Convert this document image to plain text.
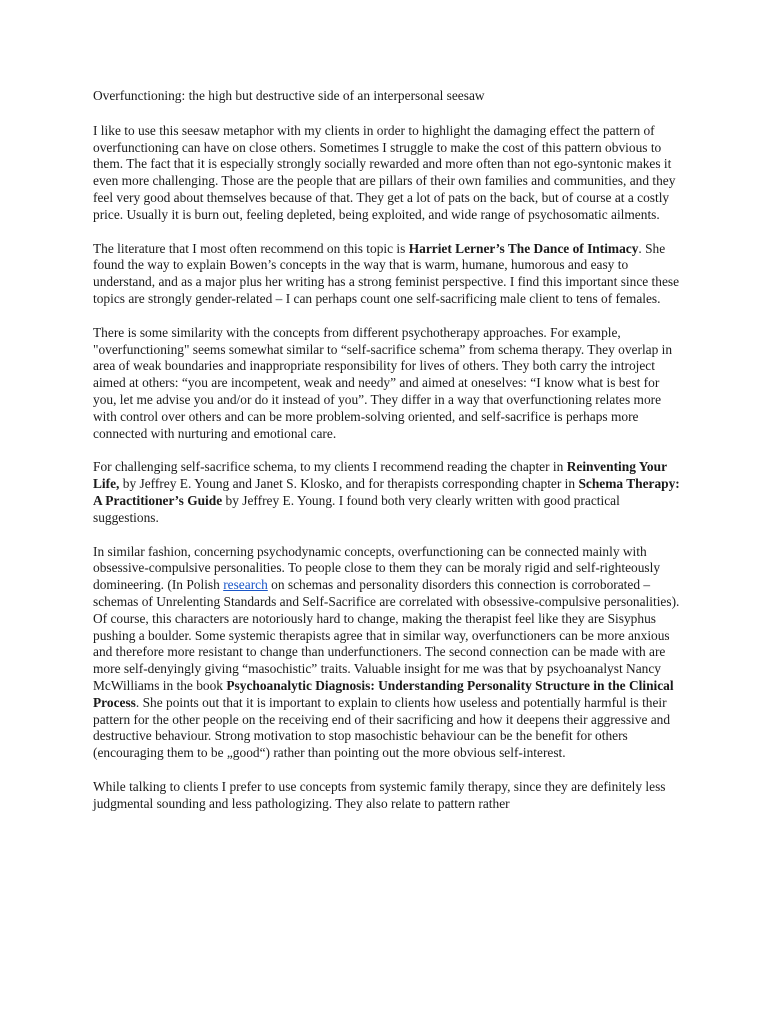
Overfunctioning: the high but destructive side of an interpersonal seesaw

I like to use this seesaw metaphor with my clients in order to highlight the damaging effect the pattern of overfunctioning can have on close others. Sometimes I struggle to make the cost of this pattern obvious to them. The fact that it is especially strongly socially rewarded and more often than not ego-syntonic makes it even more challenging. Those are the people that are pillars of their own families and communities, and they feel very good about themselves because of that. They get a lot of pats on the back, but of course at a costly price. Usually it is burn out, feeling depleted, being exploited, and wide range of psychosomatic ailments.

The literature that I most often recommend on this topic is Harriet Lerner’s The Dance of Intimacy. She found the way to explain Bowen’s concepts in the way that is warm, humane, humorous and easy to understand, and as a major plus her writing has a strong feminist perspective. I find this important since these topics are strongly gender-related – I can perhaps count one self-sacrificing male client to tens of females.

There is some similarity with the concepts from different psychotherapy approaches. For example, "overfunctioning" seems somewhat similar to “self-sacrifice schema” from schema therapy. They overlap in area of weak boundaries and inappropriate responsibility for lives of others. They both carry the introject aimed at others: “you are incompetent, weak and needy” and aimed at oneselves: “I know what is best for you, let me advise you and/or do it instead of you”. They differ in a way that overfunctioning relates more with control over others and can be more problem-solving oriented, and self-sacrifice is perhaps more connected with nurturing and emotional care.

For challenging self-sacrifice schema, to my clients I recommend reading the chapter in Reinventing Your Life, by Jeffrey E. Young and Janet S. Klosko, and for therapists corresponding chapter in Schema Therapy: A Practitioner’s Guide by Jeffrey E. Young. I found both very clearly written with good practical suggestions.

In similar fashion, concerning psychodynamic concepts, overfunctioning can be connected mainly with obsessive-compulsive personalities. To people close to them they can be moraly rigid and self-righteously domineering. (In Polish research on schemas and personality disorders this connection is corroborated – schemas of Unrelenting Standards and Self-Sacrifice are correlated with obsessive-compulsive personalities). Of course, this characters are notoriously hard to change, making the therapist feel like they are Sisyphus pushing a boulder. Some systemic therapists agree that in similar way, overfunctioners can be more anxious and therefore more resistant to change than underfunctioners. The second connection can be made with are more self-denyingly giving “masochistic” traits. Valuable insight for me was that by psychoanalyst Nancy McWilliams in the book Psychoanalytic Diagnosis: Understanding Personality Structure in the Clinical Process. She points out that it is important to explain to clients how useless and potentially harmful is their pattern for the other people on the receiving end of their sacrificing and how it deepens their aggressive and destructive behaviour. Strong motivation to stop masochistic behaviour can be the benefit for others (encouraging them to be „good“) rather than pointing out the more obvious self-interest.

While talking to clients I prefer to use concepts from systemic family therapy, since they are definitely less judgmental sounding and less pathologizing. They also relate to pattern rather
